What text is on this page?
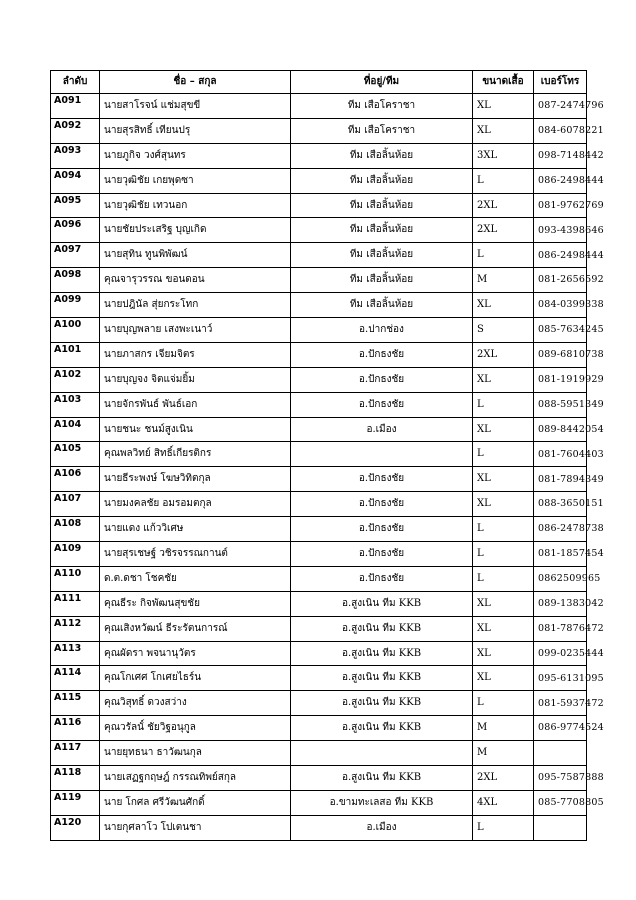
ลำดับ	ชื่อ – สกุล	ที่อยู่/ทีม	ขนาดเสื้อ	เบอร์โทร
A091	นายสาโรจน์ แช่มสุขขี	ทีม เสือโคราชา	XL	087-2474796
A092	นายสุรสิทธิ์ เทียนปรุ	ทีม เสือโคราชา	XL	084-6078221
A093	นายภูกิจ วงศ์สุนทร	ทีม เสือลิ้นห้อย	3XL	098-7148442
A094	นายวุฒิชัย เกยพุดซา	ทีม เสือลิ้นห้อย	L	086-2498444
A095	นายวุฒิชัย เทวนอก	ทีม เสือลิ้นห้อย	2XL	081-9762769
A096	นายชัยประเสริฐ บุญเกิด	ทีม เสือลิ้นห้อย	2XL	093-4398646
A097	นายสุทิน ทูนพิพัฒน์	ทีม เสือลิ้นห้อย	L	086-2498444
A098	คุณจารุวรรณ ขอนดอน	ทีม เสือลิ้นห้อย	M	081-2656592
A099	นายปฎินัล สุ่ยกระโทก	ทีม เสือลิ้นห้อย	XL	084-0399338
A100	นายบุญพลาย เสงพะเนาว์	อ.ปากช่อง	S	085-7634245
A101	นายภาสกร เจียมจิตร	อ.ปักธงชัย	2XL	089-6810738
A102	นายบุญจง จิตแจ่มยิ้ม	อ.ปักธงชัย	XL	081-1919929
A103	นายจักรพันธ์ พันธ์เอก	อ.ปักธงชัย	L	088-5951349
A104	นายชนะ ชนม์สูงเนิน	อ.เมือง	XL	089-8442054
A105	คุณพลวิทย์ สิทธิ์เกียรติกร		L	081-7604403
A106	นายธีระพงษ์ โฆษวิทิตกุล	อ.ปักธงชัย	XL	081-7894349
A107	นายมงคลชัย อมรอมตกุล	อ.ปักธงชัย	XL	088-3650151
A108	นายแดง แก้ววิเศษ	อ.ปักธงชัย	L	086-2478738
A109	นายสุรเชษฐ์ วชิรจรรณกานต์	อ.ปักธงชัย	L	081-1857454
A110	ด.ต.ดชา โชคชัย	อ.ปักธงชัย	L	0862509965
A111	คุณธีระ กิจพัฒนสุขชัย	อ.สูงเนิน ทีม KKB	XL	089-1383042
A112	คุณเสิงหวัฒน์ ธีระรัตนการณ์	อ.สูงเนิน ทีม KKB	XL	081-7876472
A113	คุณผัดรา พจนานุวัตร	อ.สูงเนิน ทีม KKB	XL	099-0235444
A114	คุณโกเศศ โกเศยไธร์น	อ.สูงเนิน ทีม KKB	XL	095-6131095
A115	คุณวิสุทธิ์ ดวงสว่าง	อ.สูงเนิน ทีม KKB	L	081-5937472
A116	คุณวรัลนั์ ชัยวิฐอนุกูล	อ.สูงเนิน ทีม KKB	M	086-9774524
A117	นายยุทธนา ธาวัฒนกุล		M	
A118	นายเสฏฐกฤษฎ์ กรรณทิพย์สกุล	อ.สูงเนิน ทีม KKB	2XL	095-7587888
A119	นาย โกศล ศรีวัฒนศักดิ์	อ.ขามทะเลสอ ทีม KKB	4XL	085-7708805
A120	นายกุศลาโว โปเตนชา	อ.เมือง	L	
